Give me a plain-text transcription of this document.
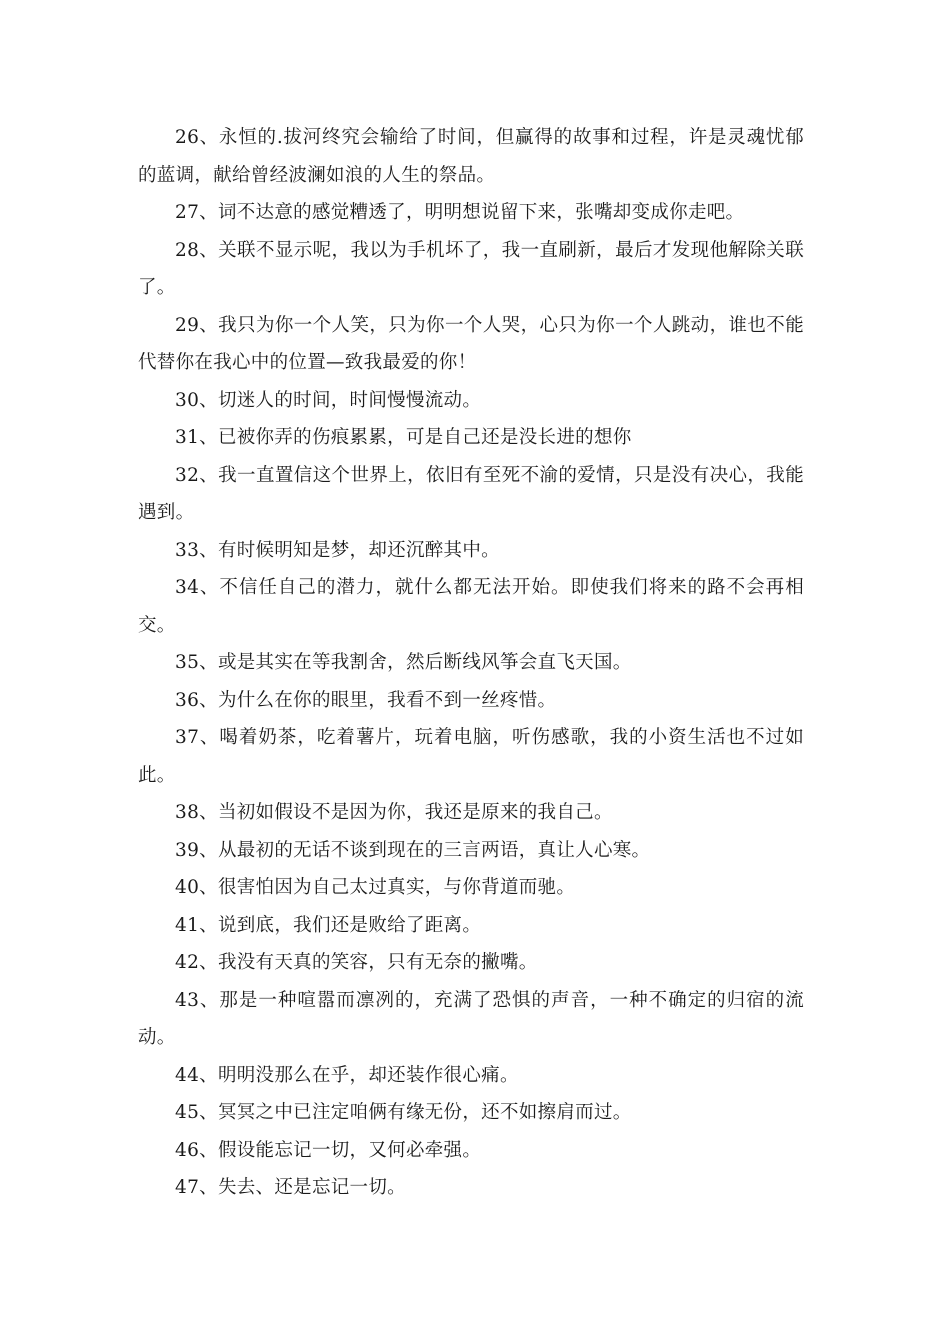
26、永恒的.拔河终究会输给了时间，但赢得的故事和过程，许是灵魂忧郁的蓝调，献给曾经波澜如浪的人生的祭品。

27、词不达意的感觉糟透了，明明想说留下来，张嘴却变成你走吧。

28、关联不显示呢，我以为手机坏了，我一直刷新，最后才发现他解除关联了。

29、我只为你一个人笑，只为你一个人哭，心只为你一个人跳动，谁也不能代替你在我心中的位置—致我最爱的你！

30、切迷人的时间，时间慢慢流动。

31、已被你弄的伤痕累累，可是自己还是没长进的想你

32、我一直置信这个世界上，依旧有至死不渝的爱情，只是没有决心，我能遇到。

33、有时候明知是梦，却还沉醉其中。

34、不信任自己的潜力，就什么都无法开始。即使我们将来的路不会再相交。

35、或是其实在等我割舍，然后断线风筝会直飞天国。

36、为什么在你的眼里，我看不到一丝疼惜。

37、喝着奶茶，吃着薯片，玩着电脑，听伤感歌，我的小资生活也不过如此。

38、当初如假设不是因为你，我还是原来的我自己。

39、从最初的无话不谈到现在的三言两语，真让人心寒。

40、很害怕因为自己太过真实，与你背道而驰。

41、说到底，我们还是败给了距离。

42、我没有天真的笑容，只有无奈的撇嘴。

43、那是一种喧嚣而凛冽的，充满了恐惧的声音，一种不确定的归宿的流动。

44、明明没那么在乎，却还装作很心痛。

45、冥冥之中已注定咱俩有缘无份，还不如擦肩而过。

46、假设能忘记一切，又何必牵强。

47、失去、还是忘记一切。
